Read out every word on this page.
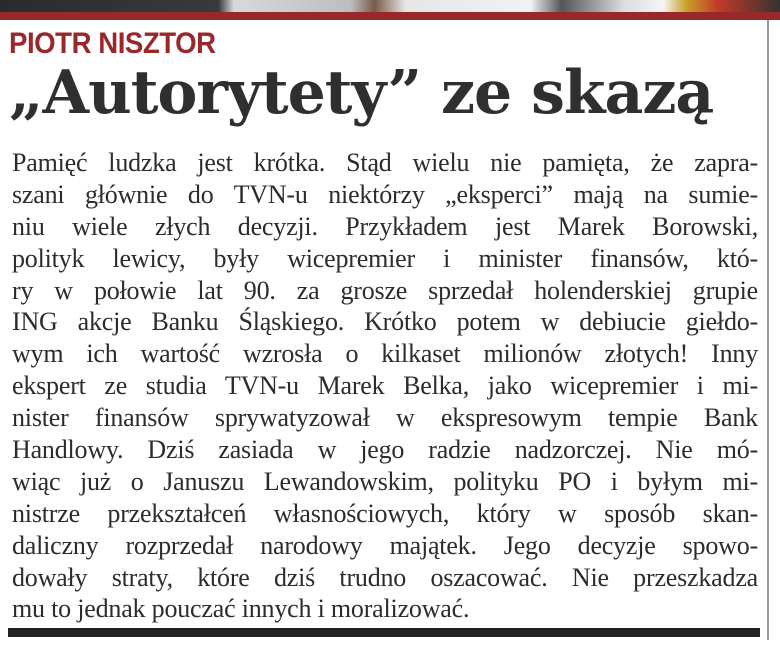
PIOTR NISZTOR
„Autorytety” ze skazą
Pamięć ludzka jest krótka. Stąd wielu nie pamięta, że zapra-
szani głównie do TVN-u niektórzy „eksperci” mają na sumie-
niu wiele złych decyzji. Przykładem jest Marek Borowski,
polityk lewicy, były wicepremier i minister finansów, któ-
ry w połowie lat 90. za grosze sprzedał holenderskiej grupie
ING akcje Banku Śląskiego. Krótko potem w debiucie giełdo-
wym ich wartość wzrosła o kilkaset milionów złotych! Inny
ekspert ze studia TVN-u Marek Belka, jako wicepremier i mi-
nister finansów sprywatyzował w ekspresowym tempie Bank
Handlowy. Dziś zasiada w jego radzie nadzorczej. Nie mó-
wiąc już o Januszu Lewandowskim, polityku PO i byłym mi-
nistrze przekształceń własnościowych, który w sposób skan-
daliczny rozprzedał narodowy majątek. Jego decyzje spowo-
dowały straty, które dziś trudno oszacować. Nie przeszkadza
mu to jednak pouczać innych i moralizować.
